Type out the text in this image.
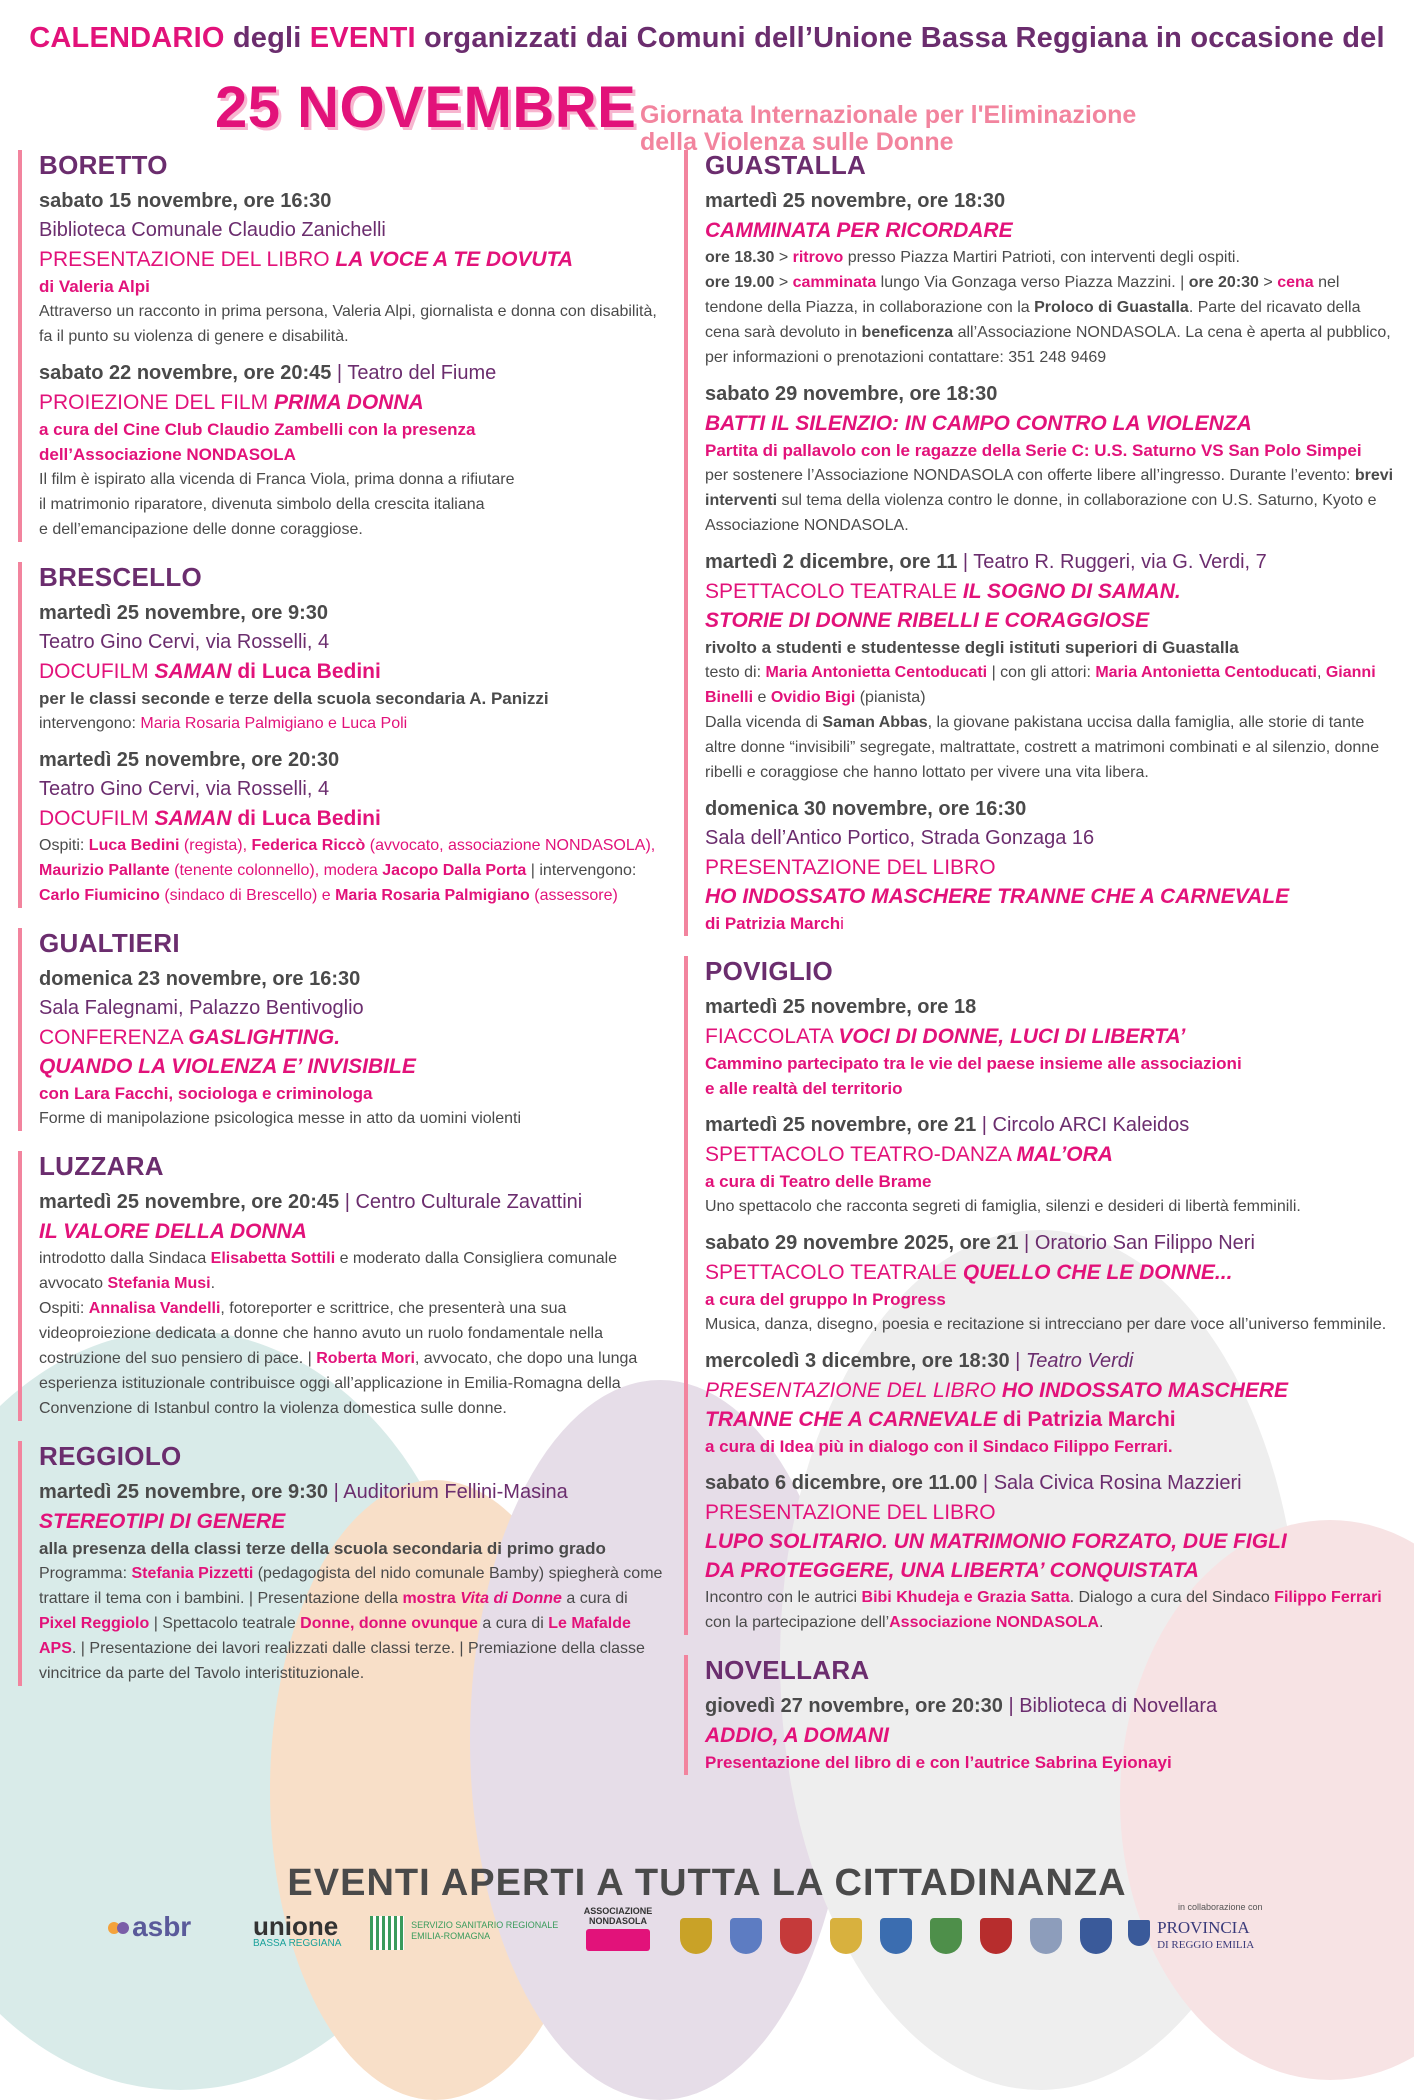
CALENDARIO degli EVENTI organizzati dai Comuni dell’Unione Bassa Reggiana in occasione del
25 NOVEMBRE Giornata Internazionale per l'Eliminazione
della Violenza sulle Donne
BORETTO
sabato 15 novembre, ore 16:30
Biblioteca Comunale Claudio Zanichelli
PRESENTAZIONE DEL LIBRO LA VOCE A TE DOVUTA
di Valeria Alpi
Attraverso un racconto in prima persona, Valeria Alpi, giornalista e donna con disabilità, fa il punto su violenza di genere e disabilità.
sabato 22 novembre, ore 20:45 | Teatro del Fiume
PROIEZIONE DEL FILM PRIMA DONNA
a cura del Cine Club Claudio Zambelli con la presenza
dell’Associazione NONDASOLA
Il film è ispirato alla vicenda di Franca Viola, prima donna a rifiutare
il matrimonio riparatore, divenuta simbolo della crescita italiana
e dell’emancipazione delle donne coraggiose.
BRESCELLO
martedì 25 novembre, ore 9:30
Teatro Gino Cervi, via Rosselli, 4
DOCUFILM SAMAN di Luca Bedini
per le classi seconde e terze della scuola secondaria A. Panizzi
intervengono: Maria Rosaria Palmigiano e Luca Poli
martedì 25 novembre, ore 20:30
Teatro Gino Cervi, via Rosselli, 4
DOCUFILM SAMAN di Luca Bedini
Ospiti: Luca Bedini (regista), Federica Riccò (avvocato, associazione NONDASOLA), Maurizio Pallante (tenente colonnello), modera Jacopo Dalla Porta | intervengono: Carlo Fiumicino (sindaco di Brescello) e Maria Rosaria Palmigiano (assessore)
GUALTIERI
domenica 23 novembre, ore 16:30
Sala Falegnami, Palazzo Bentivoglio
CONFERENZA GASLIGHTING.
QUANDO LA VIOLENZA E’ INVISIBILE
con Lara Facchi, sociologa e criminologa
Forme di manipolazione psicologica messe in atto da uomini violenti
LUZZARA
martedì 25 novembre, ore 20:45 | Centro Culturale Zavattini
IL VALORE DELLA DONNA
introdotto dalla Sindaca Elisabetta Sottili e moderato dalla Consigliera comunale avvocato Stefania Musi.
Ospiti: Annalisa Vandelli, fotoreporter e scrittrice, che presenterà una sua videoproiezione dedicata a donne che hanno avuto un ruolo fondamentale nella costruzione del suo pensiero di pace. | Roberta Mori, avvocato, che dopo una lunga esperienza istituzionale contribuisce oggi all’applicazione in Emilia-Romagna della Convenzione di Istanbul contro la violenza domestica sulle donne.
REGGIOLO
martedì 25 novembre, ore 9:30 | Auditorium Fellini-Masina
STEREOTIPI DI GENERE
alla presenza della classi terze della scuola secondaria di primo grado
Programma: Stefania Pizzetti (pedagogista del nido comunale Bamby) spiegherà come trattare il tema con i bambini. | Presentazione della mostra Vita di Donne a cura di Pixel Reggiolo | Spettacolo teatrale Donne, donne ovunque a cura di Le Mafalde APS. | Presentazione dei lavori realizzati dalle classi terze. | Premiazione della classe vincitrice da parte del Tavolo interistituzionale.
GUASTALLA
martedì 25 novembre, ore 18:30
CAMMINATA PER RICORDARE
ore 18.30 > ritrovo presso Piazza Martiri Patrioti, con interventi degli ospiti.
ore 19.00 > camminata lungo Via Gonzaga verso Piazza Mazzini. | ore 20:30 > cena nel tendone della Piazza, in collaborazione con la Proloco di Guastalla. Parte del ricavato della cena sarà devoluto in beneficenza all’Associazione NONDASOLA. La cena è aperta al pubblico, per informazioni o prenotazioni contattare: 351 248 9469
sabato 29 novembre, ore 18:30
BATTI IL SILENZIO: IN CAMPO CONTRO LA VIOLENZA
Partita di pallavolo con le ragazze della Serie C: U.S. Saturno VS San Polo Simpei
per sostenere l’Associazione NONDASOLA con offerte libere all’ingresso. Durante l’evento: brevi interventi sul tema della violenza contro le donne, in collaborazione con U.S. Saturno, Kyoto e Associazione NONDASOLA.
martedì 2 dicembre, ore 11 | Teatro R. Ruggeri, via G. Verdi, 7
SPETTACOLO TEATRALE IL SOGNO DI SAMAN.
STORIE DI DONNE RIBELLI E CORAGGIOSE
rivolto a studenti e studentesse degli istituti superiori di Guastalla
testo di: Maria Antonietta Centoducati | con gli attori: Maria Antonietta Centoducati, Gianni Binelli e Ovidio Bigi (pianista)
Dalla vicenda di Saman Abbas, la giovane pakistana uccisa dalla famiglia, alle storie di tante altre donne “invisibili” segregate, maltrattate, costrett a matrimoni combinati e al silenzio, donne ribelli e coraggiose che hanno lottato per vivere una vita libera.
domenica 30 novembre, ore 16:30
Sala dell’Antico Portico, Strada Gonzaga 16
PRESENTAZIONE DEL LIBRO
HO INDOSSATO MASCHERE TRANNE CHE A CARNEVALE
di Patrizia Marchi
POVIGLIO
martedì 25 novembre, ore 18
FIACCOLATA VOCI DI DONNE, LUCI DI LIBERTA’
Cammino partecipato tra le vie del paese insieme alle associazioni
e alle realtà del territorio
martedì 25 novembre, ore 21 | Circolo ARCI Kaleidos
SPETTACOLO TEATRO-DANZA MAL’ORA
a cura di Teatro delle Brame
Uno spettacolo che racconta segreti di famiglia, silenzi e desideri di libertà femminili.
sabato 29 novembre 2025, ore 21 | Oratorio San Filippo Neri
SPETTACOLO TEATRALE QUELLO CHE LE DONNE...
a cura del gruppo In Progress
Musica, danza, disegno, poesia e recitazione si intrecciano per dare voce all’universo femminile.
mercoledì 3 dicembre, ore 18:30 | Teatro Verdi
PRESENTAZIONE DEL LIBRO HO INDOSSATO MASCHERE
TRANNE CHE A CARNEVALE di Patrizia Marchi
a cura di Idea più in dialogo con il Sindaco Filippo Ferrari.
sabato 6 dicembre, ore 11.00 | Sala Civica Rosina Mazzieri
PRESENTAZIONE DEL LIBRO
LUPO SOLITARIO. UN MATRIMONIO FORZATO, DUE FIGLI
DA PROTEGGERE, UNA LIBERTA’ CONQUISTATA
Incontro con le autrici Bibi Khudeja e Grazia Satta. Dialogo a cura del Sindaco Filippo Ferrari con la partecipazione dell’Associazione NONDASOLA.
NOVELLARA
giovedì 27 novembre, ore 20:30 | Biblioteca di Novellara
ADDIO, A DOMANI
Presentazione del libro di e con l’autrice Sabrina Eyionayi
EVENTI APERTI A TUTTA LA CITTADINANZA
asbr unione
BASSA REGGIANA
SERVIZIO SANITARIO REGIONALE
EMILIA-ROMAGNA
ASSOCIAZIONE NONDASOLA
in collaborazione con
PROVINCIA
DI REGGIO EMILIA
